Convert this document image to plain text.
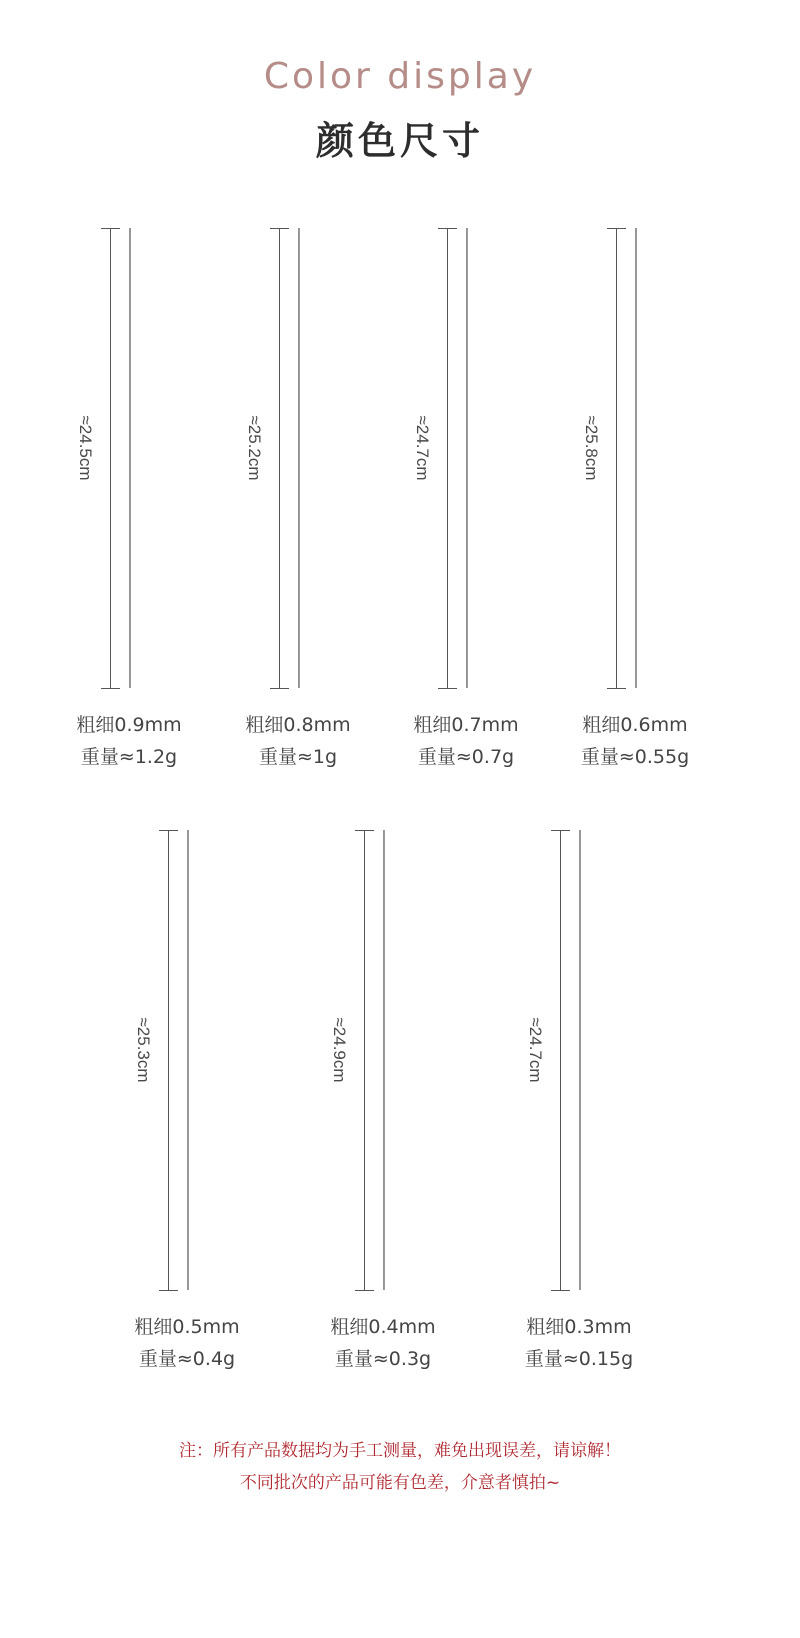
Color display
颜色尺寸
≈24.5cm
粗细0.9mm
重量≈1.2g
≈25.2cm
粗细0.8mm
重量≈1g
≈24.7cm
粗细0.7mm
重量≈0.7g
≈25.8cm
粗细0.6mm
重量≈0.55g
≈25.3cm
粗细0.5mm
重量≈0.4g
≈24.9cm
粗细0.4mm
重量≈0.3g
≈24.7cm
粗细0.3mm
重量≈0.15g
注：所有产品数据均为手工测量，难免出现误差，请谅解！
不同批次的产品可能有色差，介意者慎拍~
